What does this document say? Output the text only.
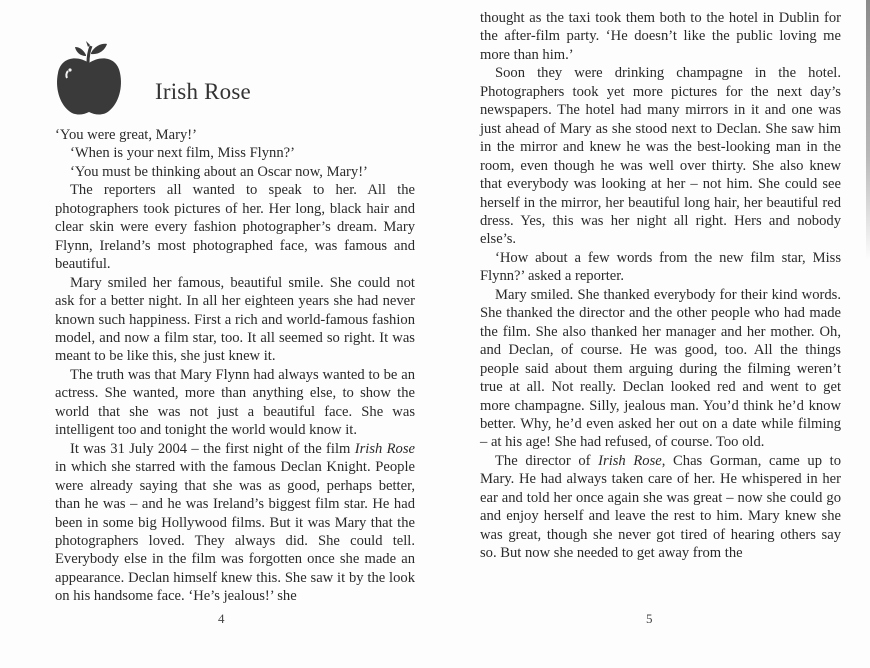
Irish Rose

‘You were great, Mary!’

‘When is your next film, Miss Flynn?’

‘You must be thinking about an Oscar now, Mary!’

The reporters all wanted to speak to her. All the photographers took pictures of her. Her long, black hair and clear skin were every fashion photographer’s dream. Mary Flynn, Ireland’s most photographed face, was famous and beautiful.

Mary smiled her famous, beautiful smile. She could not ask for a better night. In all her eighteen years she had never known such happiness. First a rich and world-famous fashion model, and now a film star, too. It all seemed so right. It was meant to be like this, she just knew it.

The truth was that Mary Flynn had always wanted to be an actress. She wanted, more than anything else, to show the world that she was not just a beautiful face. She was intelligent too and tonight the world would know it.

It was 31 July 2004 – the first night of the film Irish Rose in which she starred with the famous Declan Knight. People were already saying that she was as good, perhaps better, than he was – and he was Ireland’s biggest film star. He had been in some big Hollywood films. But it was Mary that the photographers loved. They always did. She could tell. Everybody else in the film was forgotten once she made an appearance. Declan himself knew this. She saw it by the look on his handsome face. ‘He’s jealous!’ she

4

thought as the taxi took them both to the hotel in Dublin for the after-film party. ‘He doesn’t like the public loving me more than him.’

Soon they were drinking champagne in the hotel. Photographers took yet more pictures for the next day’s newspapers. The hotel had many mirrors in it and one was just ahead of Mary as she stood next to Declan. She saw him in the mirror and knew he was the best-looking man in the room, even though he was well over thirty. She also knew that everybody was looking at her – not him. She could see herself in the mirror, her beautiful long hair, her beautiful red dress. Yes, this was her night all right. Hers and nobody else’s.

‘How about a few words from the new film star, Miss Flynn?’ asked a reporter.

Mary smiled. She thanked everybody for their kind words. She thanked the director and the other people who had made the film. She also thanked her manager and her mother. Oh, and Declan, of course. He was good, too. All the things people said about them arguing during the filming weren’t true at all. Not really. Declan looked red and went to get more champagne. Silly, jealous man. You’d think he’d know better. Why, he’d even asked her out on a date while filming – at his age! She had refused, of course. Too old.

The director of Irish Rose, Chas Gorman, came up to Mary. He had always taken care of her. He whispered in her ear and told her once again she was great – now she could go and enjoy herself and leave the rest to him. Mary knew she was great, though she never got tired of hearing others say so. But now she needed to get away from the

5
